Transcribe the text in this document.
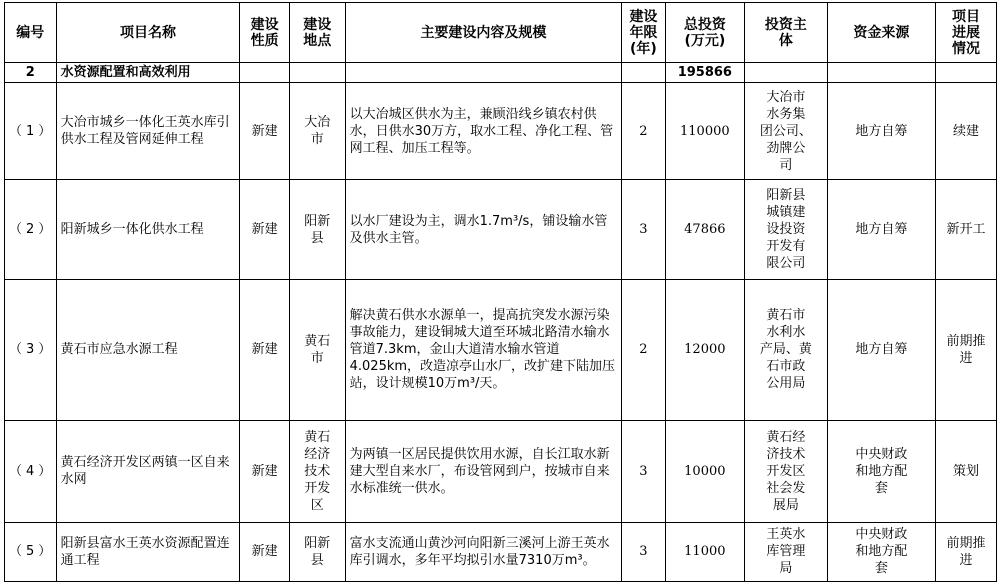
编号	项目名称	建设
性质	建设
地点	主要建设内容及规模	建设
年限
(年)	总投资
(万元)	投资主
体	资金来源	项目
进展
情况
2	水资源配置和高效利用					195866			
（1）	大冶市城乡一体化王英水库引供水工程及管网延伸工程	新建	大冶
市	以大冶城区供水为主，兼顾沿线乡镇农村供水，日供水30万方，取水工程、净化工程、管网工程、加压工程等。	2	110000	大冶市
水务集
团公司、
劲牌公
司	地方自筹	续建
（2）	阳新城乡一体化供水工程	新建	阳新
县	以水厂建设为主，调水1.7m³/s，铺设输水管及供水主管。	3	47866	阳新县
城镇建
设投资
开发有
限公司	地方自筹	新开工
（3）	黄石市应急水源工程	新建	黄石
市	解决黄石供水水源单一，提高抗突发水源污染事故能力，建设铜城大道至环城北路清水输水管道7.3km，金山大道清水输水管道4.025km，改造凉亭山水厂，改扩建下陆加压站，设计规模10万m³/天。	2	12000	黄石市
水利水
产局、黄
石市政
公用局	地方自筹	前期推
进
（4）	黄石经济开发区两镇一区自来水网	新建	黄石
经济
技术
开发
区	为两镇一区居民提供饮用水源，自长江取水新建大型自来水厂，布设管网到户，按城市自来水标准统一供水。	3	10000	黄石经
济技术
开发区
社会发
展局	中央财政
和地方配
套	策划
（5）	阳新县富水王英水资源配置连通工程	新建	阳新
县	富水支流通山黄沙河向阳新三溪河上游王英水库引调水，多年平均拟引水量7310万m³。	3	11000	王英水
库管理
局	中央财政
和地方配
套	前期推
进
